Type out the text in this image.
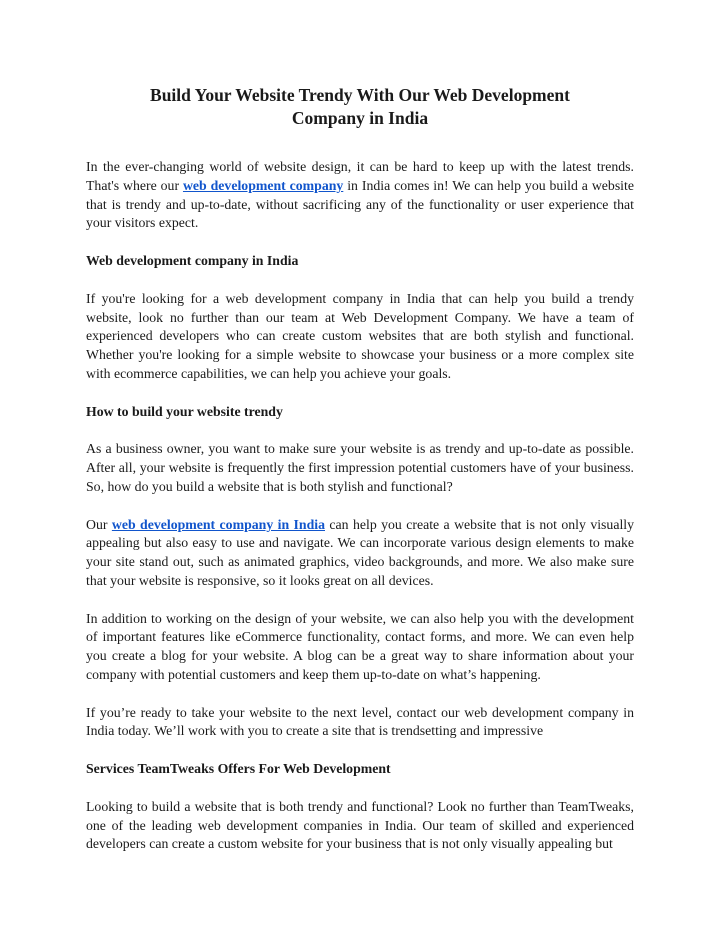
Build Your Website Trendy With Our Web Development Company in India

In the ever-changing world of website design, it can be hard to keep up with the latest trends. That's where our web development company in India comes in! We can help you build a website that is trendy and up-to-date, without sacrificing any of the functionality or user experience that your visitors expect.

Web development company in India

If you're looking for a web development company in India that can help you build a trendy website, look no further than our team at Web Development Company. We have a team of experienced developers who can create custom websites that are both stylish and functional. Whether you're looking for a simple website to showcase your business or a more complex site with ecommerce capabilities, we can help you achieve your goals.

How to build your website trendy

As a business owner, you want to make sure your website is as trendy and up-to-date as possible. After all, your website is frequently the first impression potential customers have of your business. So, how do you build a website that is both stylish and functional?

Our web development company in India can help you create a website that is not only visually appealing but also easy to use and navigate. We can incorporate various design elements to make your site stand out, such as animated graphics, video backgrounds, and more. We also make sure that your website is responsive, so it looks great on all devices.

In addition to working on the design of your website, we can also help you with the development of important features like eCommerce functionality, contact forms, and more. We can even help you create a blog for your website. A blog can be a great way to share information about your company with potential customers and keep them up-to-date on what’s happening.

If you’re ready to take your website to the next level, contact our web development company in India today. We’ll work with you to create a site that is trendsetting and impressive

Services TeamTweaks Offers For Web Development

Looking to build a website that is both trendy and functional? Look no further than TeamTweaks, one of the leading web development companies in India. Our team of skilled and experienced developers can create a custom website for your business that is not only visually appealing but
